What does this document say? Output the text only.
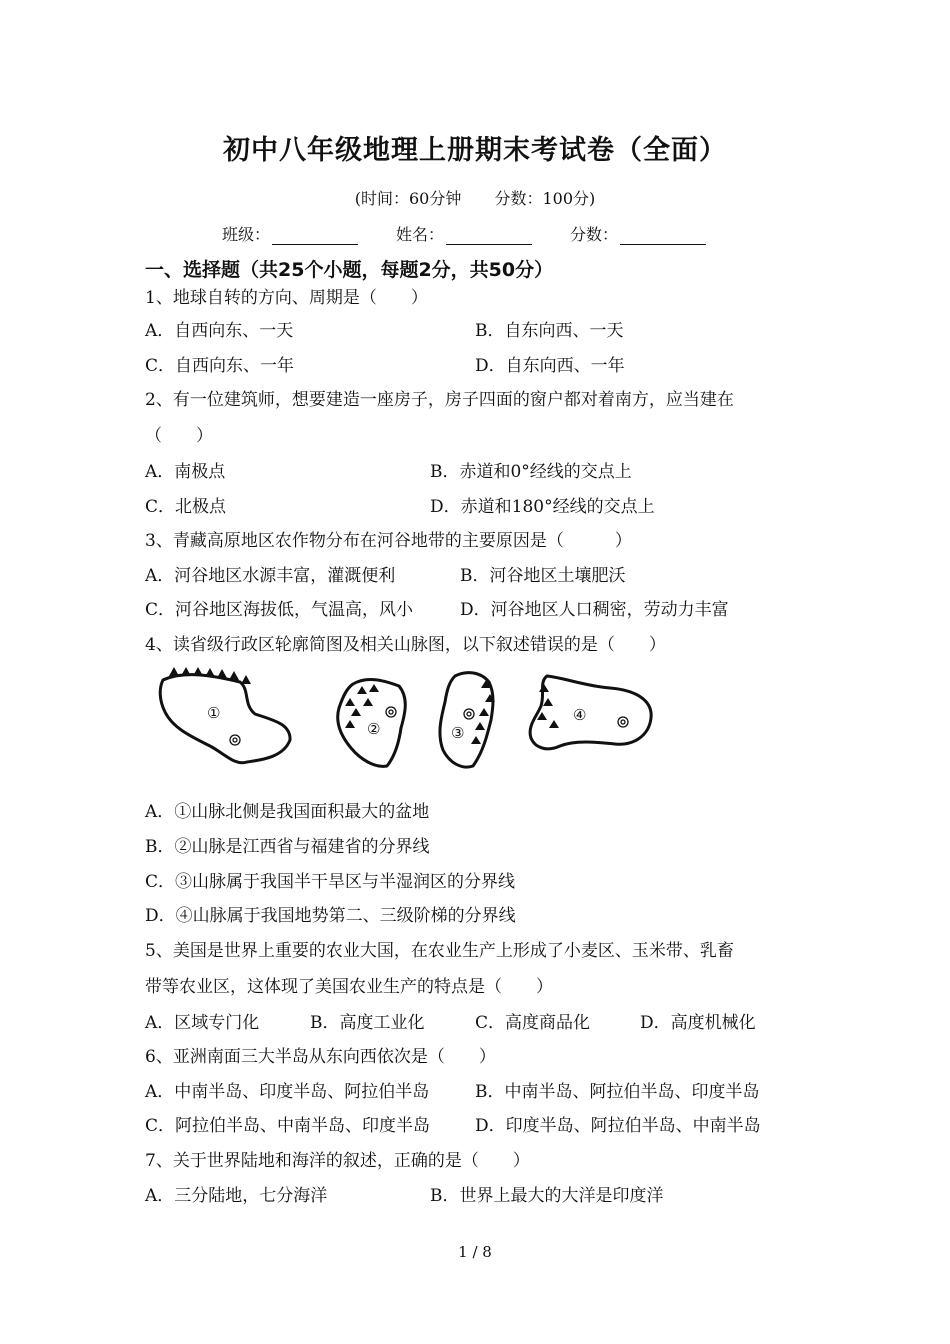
初中八年级地理上册期末考试卷（全面）
(时间：60分钟 分数：100分)
班级：	姓名：	分数：
一、选择题（共25个小题，每题2分，共50分）
1、地球自转的方向、周期是（　　）
A．自西向东、一天	B．自东向西、一天
C．自西向东、一年	D．自东向西、一年
2、有一位建筑师，想要建造一座房子，房子四面的窗户都对着南方，应当建在
（　　）
A．南极点	B．赤道和0°经线的交点上
C．北极点	D．赤道和180°经线的交点上
3、青藏高原地区农作物分布在河谷地带的主要原因是（　　　）
A．河谷地区水源丰富，灌溉便利	B．河谷地区土壤肥沃
C．河谷地区海拔低，气温高，风小	D．河谷地区人口稠密，劳动力丰富
4、读省级行政区轮廓简图及相关山脉图，以下叙述错误的是（　　）
①
②	③
④
A．①山脉北侧是我国面积最大的盆地
B．②山脉是江西省与福建省的分界线
C．③山脉属于我国半干旱区与半湿润区的分界线
D．④山脉属于我国地势第二、三级阶梯的分界线
5、美国是世界上重要的农业大国，在农业生产上形成了小麦区、玉米带、乳畜
带等农业区，这体现了美国农业生产的特点是（　　）
A．区域专门化	B．高度工业化	C．高度商品化	D．高度机械化
6、亚洲南面三大半岛从东向西依次是（　　）
A．中南半岛、印度半岛、阿拉伯半岛	B．中南半岛、阿拉伯半岛、印度半岛
C．阿拉伯半岛、中南半岛、印度半岛	D．印度半岛、阿拉伯半岛、中南半岛
7、关于世界陆地和海洋的叙述，正确的是（　　）
A．三分陆地，七分海洋	B．世界上最大的大洋是印度洋
1 / 8
